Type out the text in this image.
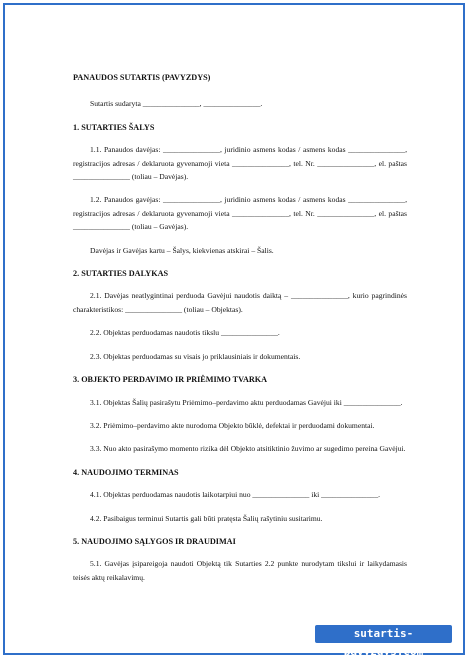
PANAUDOS SUTARTIS (PAVYZDYS)

Sutartis sudaryta _______________, _______________.

1. SUTARTIES ŠALYS

1.1. Panaudos davėjas: _______________, juridinio asmens kodas / asmens kodas _______________, registracijos adresas / deklaruota gyvenamoji vieta _______________, tel. Nr. _______________, el. paštas _______________ (toliau – Davėjas).

1.2. Panaudos gavėjas: _______________, juridinio asmens kodas / asmens kodas _______________, registracijos adresas / deklaruota gyvenamoji vieta _______________, tel. Nr. _______________, el. paštas _______________ (toliau – Gavėjas).

Davėjas ir Gavėjas kartu – Šalys, kiekvienas atskirai – Šalis.

2. SUTARTIES DALYKAS

2.1. Davėjas neatlygintinai perduoda Gavėjui naudotis daiktą – _______________, kurio pagrindinės charakteristikos: _______________ (toliau – Objektas).

2.2. Objektas perduodamas naudotis tikslu _______________.

2.3. Objektas perduodamas su visais jo priklausiniais ir dokumentais.

3. OBJEKTO PERDAVIMO IR PRIĖMIMO TVARKA

3.1. Objektas Šalių pasirašytu Priėmimo–perdavimo aktu perduodamas Gavėjui iki _______________.

3.2. Priėmimo–perdavimo akte nurodoma Objekto būklė, defektai ir perduodami dokumentai.

3.3. Nuo akto pasirašymo momento rizika dėl Objekto atsitiktinio žuvimo ar sugedimo pereina Gavėjui.

4. NAUDOJIMO TERMINAS

4.1. Objektas perduodamas naudotis laikotarpiui nuo _______________ iki _______________.

4.2. Pasibaigus terminui Sutartis gali būti pratęsta Šalių rašytiniu susitarimu.

5. NAUDOJIMO SĄLYGOS IR DRAUDIMAI

5.1. Gavėjas įsipareigoja naudoti Objektą tik Sutarties 2.2 punkte nurodytam tikslui ir laikydamasis teisės aktų reikalavimų.

sutartis-pavyzdys.com
